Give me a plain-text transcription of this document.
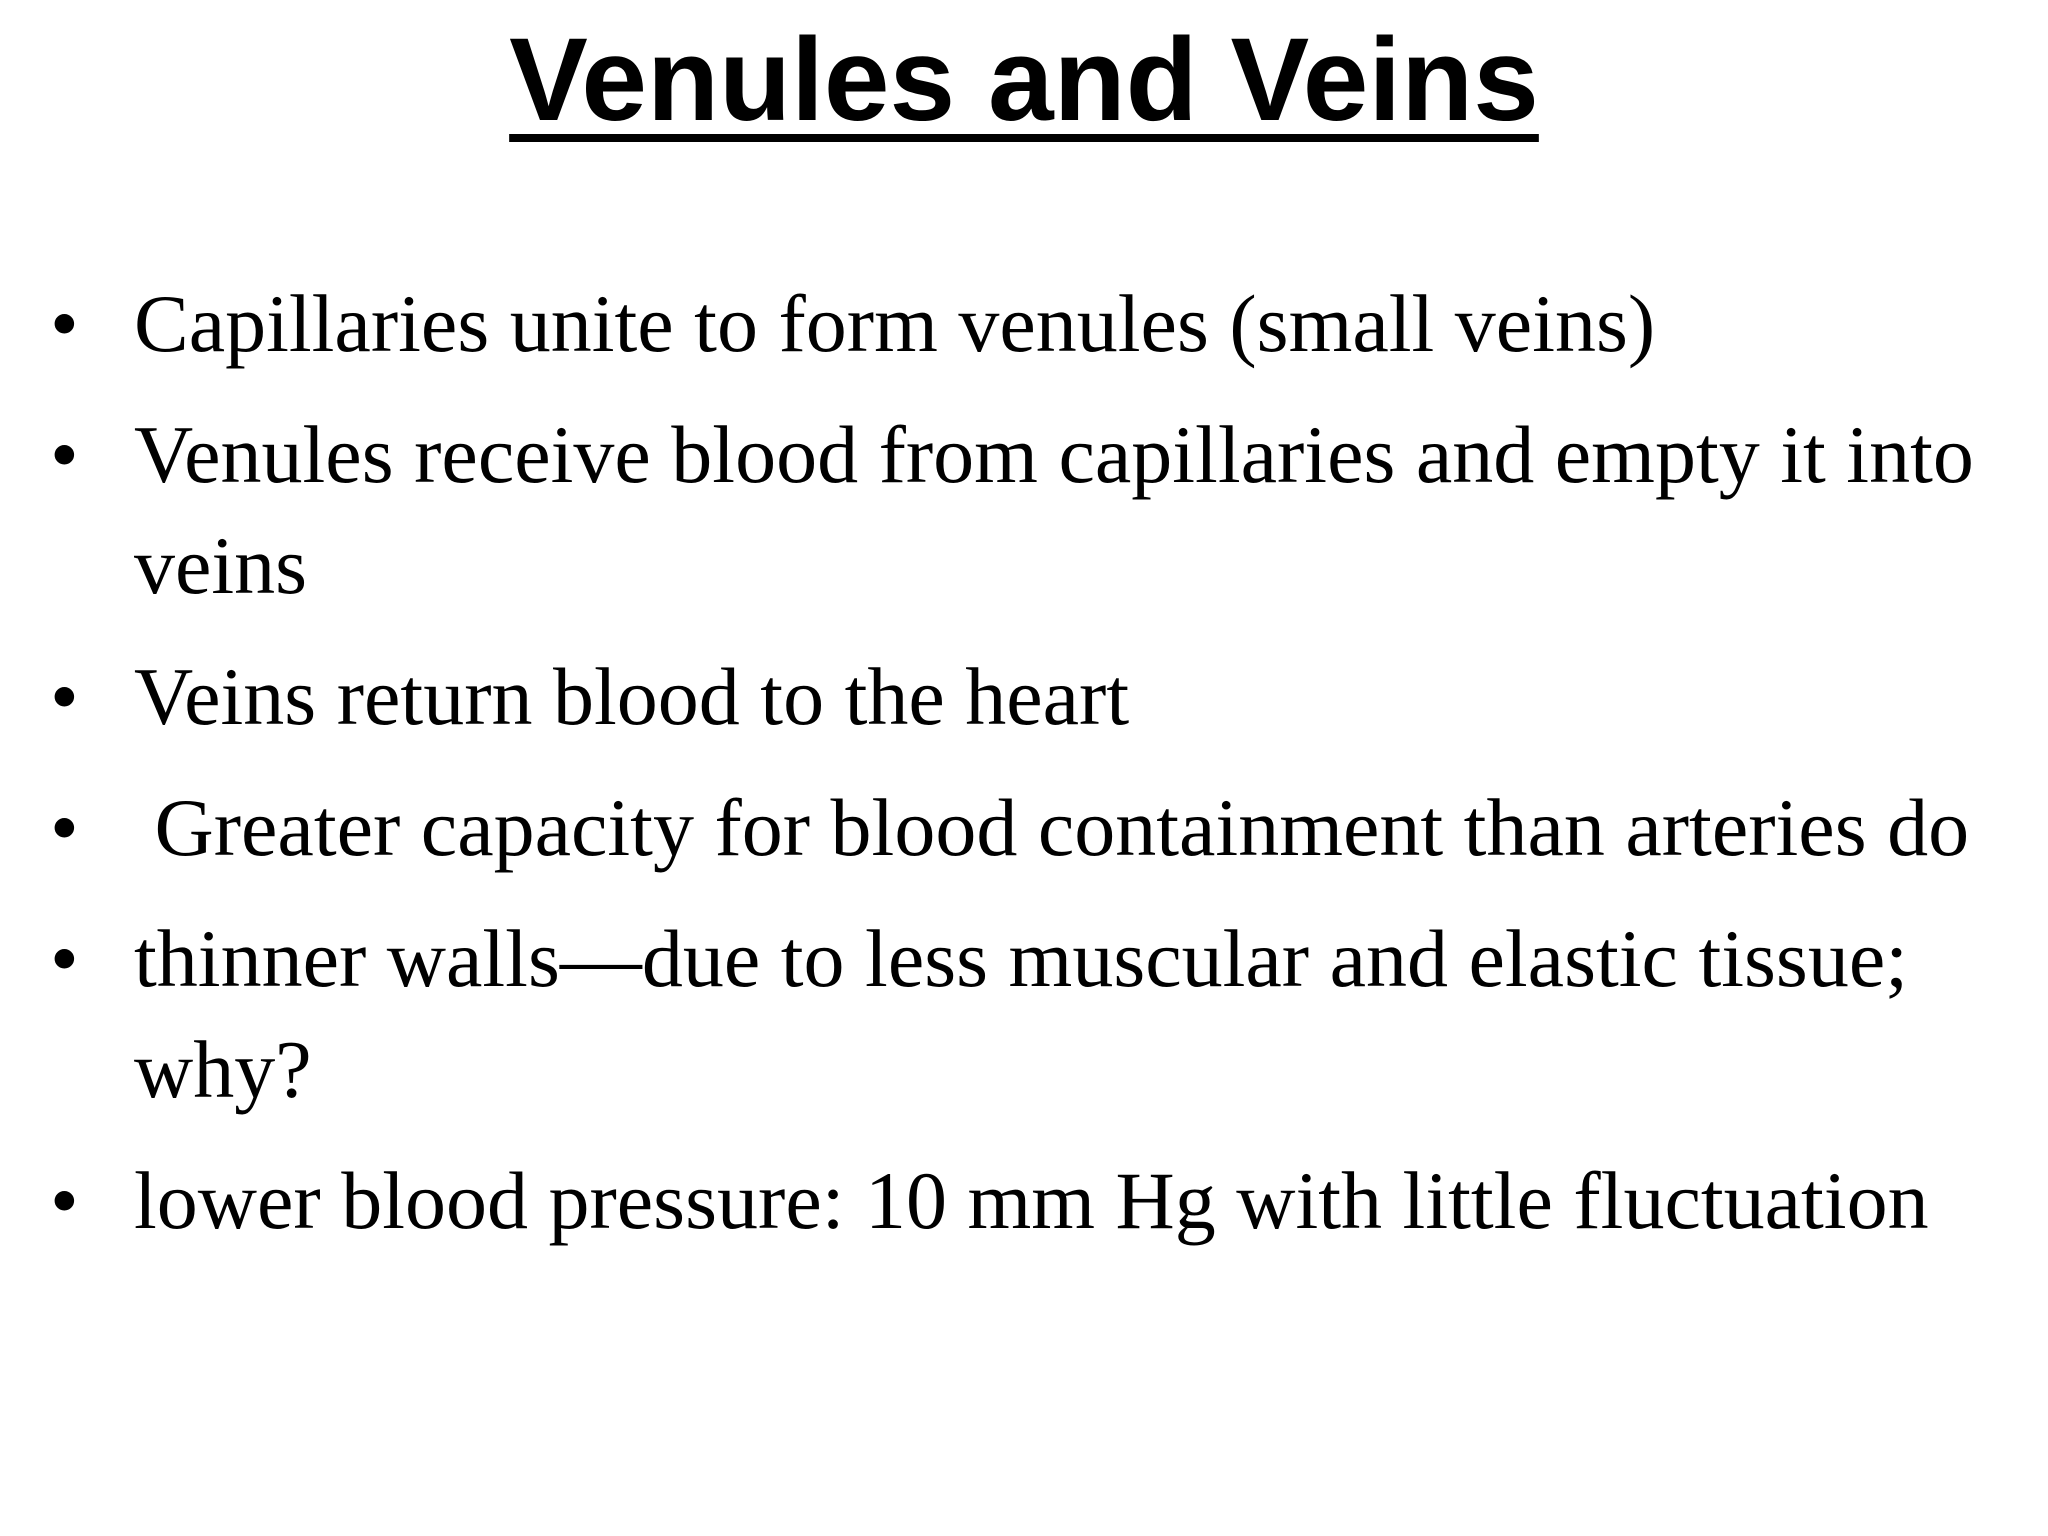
Venules and Veins
• Capillaries unite to form venules (small veins)
• Venules receive blood from capillaries and empty it into veins
• Veins return blood to the heart
• Greater capacity for blood containment than arteries do
• thinner walls—due to less muscular and elastic tissue; why?
• lower blood pressure: 10 mm Hg with little fluctuation
